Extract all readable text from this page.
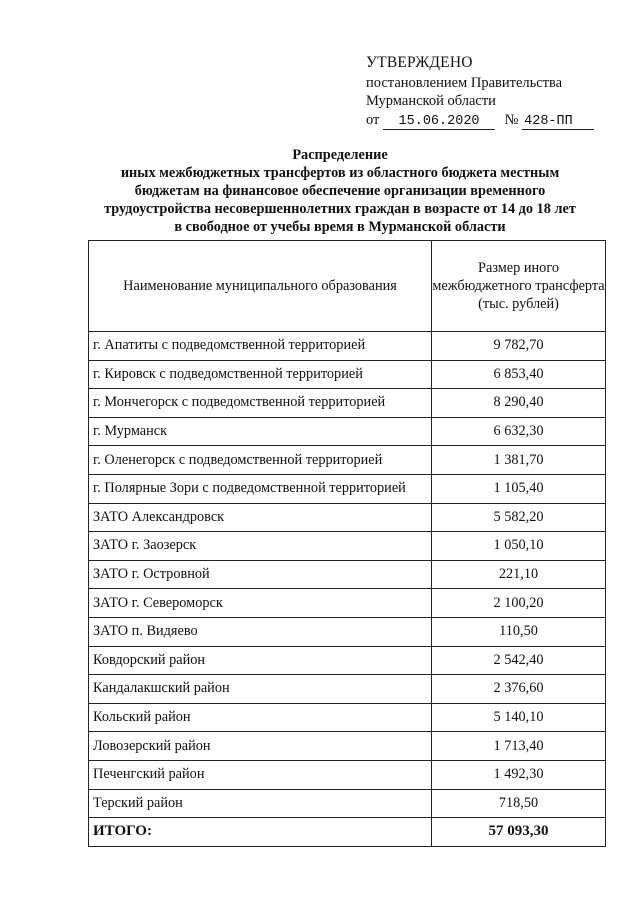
УТВЕРЖДЕНО
постановлением Правительства
Мурманской области
от 15.06.2020 № 428-ПП
Распределение
иных межбюджетных трансфертов из областного бюджета местным
бюджетам на финансовое обеспечение организации временного
трудоустройства несовершеннолетних граждан в возрасте от 14 до 18 лет
в свободное от учебы время в Мурманской области
Наименование муниципального образования	Размер иного межбюджетного трансферта (тыс. рублей)
г. Апатиты с подведомственной территорией	9 782,70
г. Кировск с подведомственной территорией	6 853,40
г. Мончегорск с подведомственной территорией	8 290,40
г. Мурманск	6 632,30
г. Оленегорск с подведомственной территорией	1 381,70
г. Полярные Зори с подведомственной территорией	1 105,40
ЗАТО Александровск	5 582,20
ЗАТО г. Заозерск	1 050,10
ЗАТО г. Островной	221,10
ЗАТО г. Североморск	2 100,20
ЗАТО п. Видяево	110,50
Ковдорский район	2 542,40
Кандалакшский район	2 376,60
Кольский район	5 140,10
Ловозерский район	1 713,40
Печенгский район	1 492,30
Терский район	718,50
ИТОГО:	57 093,30
